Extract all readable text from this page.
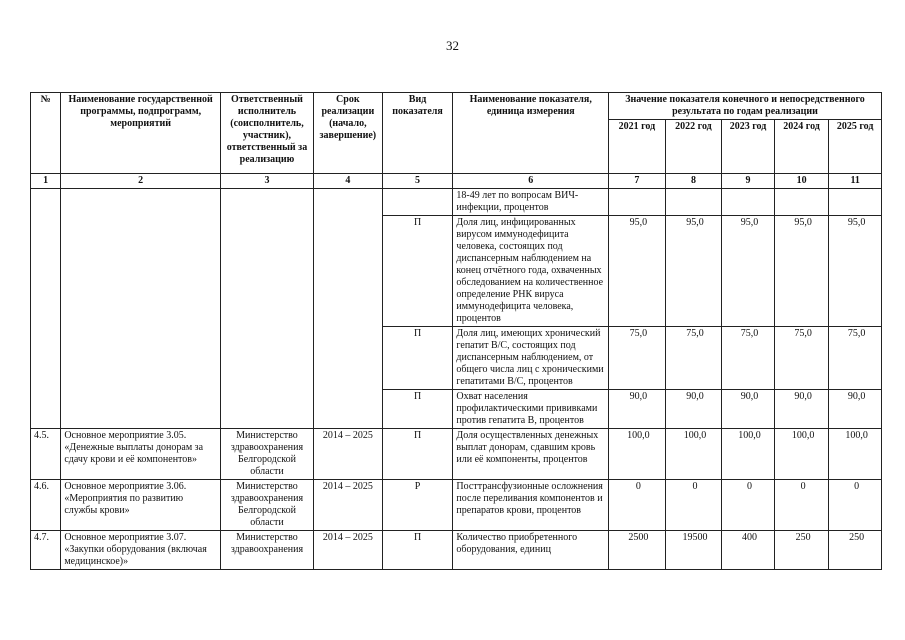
32
№	Наименование государственной программы, подпрограмм, мероприятий	Ответственный исполнитель (соисполнитель, участник), ответственный за реализацию	Срок реализации (начало, завершение)	Вид показателя	Наименование показателя, единица измерения	Значение показателя конечного и непосредственного результата по годам реализации				
						2021 год	2022 год	2023 год	2024 год	2025 год
1	2	3	4	5	6	7	8	9	10	11
					18-49 лет по вопросам ВИЧ-инфекции, процентов					
				П	Доля лиц, инфицированных вирусом иммунодефицита человека, состоящих под диспансерным наблюдением на конец отчётного года, охваченных обследованием на количественное определение РНК вируса иммунодефицита человека, процентов	95,0	95,0	95,0	95,0	95,0
				П	Доля лиц, имеющих хронический гепатит В/С, состоящих под диспансерным наблюдением, от общего числа лиц с хроническими гепатитами В/С, процентов	75,0	75,0	75,0	75,0	75,0
				П	Охват населения профилактическими прививками против гепатита В, процентов	90,0	90,0	90,0	90,0	90,0
4.5.	Основное мероприятие 3.05. «Денежные выплаты донорам за сдачу крови и её компонентов»	Министерство здравоохранения Белгородской области	2014 – 2025	П	Доля осуществленных денежных выплат донорам, сдавшим кровь или её компоненты, процентов	100,0	100,0	100,0	100,0	100,0
4.6.	Основное мероприятие 3.06. «Мероприятия по развитию службы крови»	Министерство здравоохранения Белгородской области	2014 – 2025	Р	Посттрансфузионные осложнения после переливания компонентов и препаратов крови, процентов	0	0	0	0	0
4.7.	Основное мероприятие 3.07. «Закупки оборудования (включая медицинское)»	Министерство здравоохранения	2014 – 2025	П	Количество приобретенного оборудования, единиц	2500	19500	400	250	250
